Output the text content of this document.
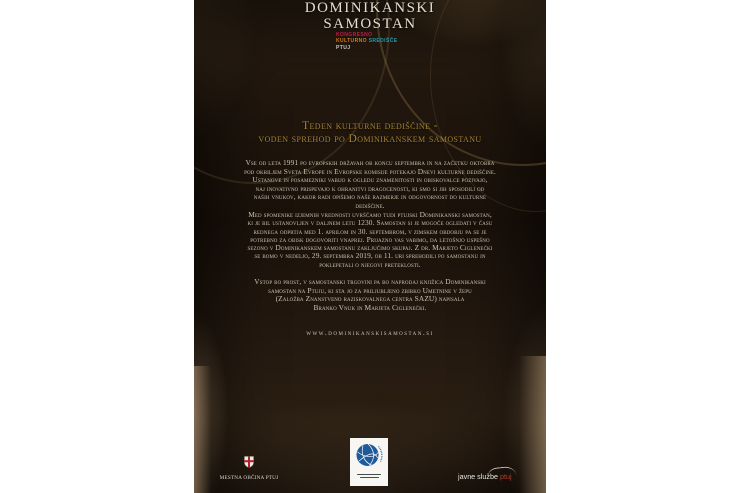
DOMINIKANSKI
SAMOSTAN
KONGRESNO
KULTURNO SREDIŠČE
PTUJ
Teden kulturne dediščine -
voden sprehod po Dominikanskem samostanu
Vse od leta 1991 po evropskih državah ob koncu septembra in na začetku oktobra
pod okriljem Sveta Evrope in Evropske komisije potekajo Dnevi kulturne dediščine.
Ustanove in posamezniki vabijo k ogledu znamenitosti in obiskovalce pozivajo,
naj inovativno prispevajo k ohranitvi dragocenosti, ki smo si jih sposodili od
naših vnukov, kakor radi opišemo naše razmerje in odgovornost do kulturne
dediščine.
Med spomenike izjemnih vrednosti uvrščamo tudi ptujski Dominikanski samostan,
ki je bil ustanovljen v daljnem letu 1230. Samostan si je mogoče ogledati v času
rednega odprtja med 1. aprilom in 30. septembrom, v zimskem obdobju pa se je
potrebno za obisk dogovoriti vnaprej. Prijazno vas vabimo, da letošnjo uspešno
sezono v Dominikanskem samostanu zaključimo skupaj. Z dr. Marjeto Ciglenečki
se bomo v nedeljo, 29. septembra 2019, ob 11. uri sprehodili po samostanu in
poklepetali o njegovi preteklosti.
Vstop bo prost, v samostanski trgovini pa bo naprodaj knjižica Dominikanski
samostan na Ptuju, ki sta jo za priljubljeno zbirko Umetnine v žepu
(Založba Znanstveno raziskovalnega centra SAZU) napisala
Branko Vnuk in Marjeta Ciglenečki.
www.dominikanskisamostan.si
MESTNA OBČINA PTUJ	javne službe ptuj
